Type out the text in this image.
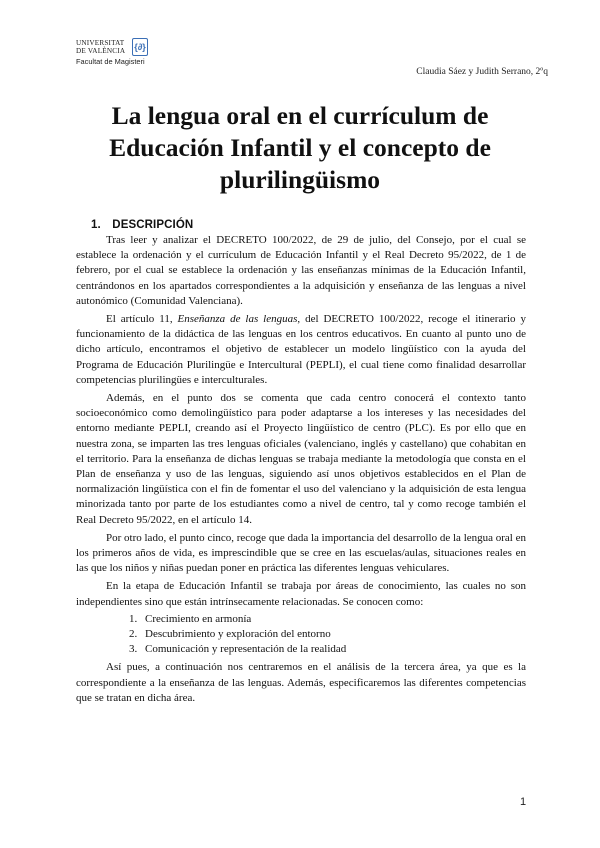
UNIVERSITAT
DE VALÈNCIA {∂}
Facultat de Magisteri
Claudia Sáez y Judith Serrano, 2ºq
La lengua oral en el currículum de
Educación Infantil y el concepto de
plurilingüismo
1. DESCRIPCIÓN

Tras leer y analizar el DECRETO 100/2022, de 29 de julio, del Consejo, por el cual se establece la ordenación y el currículum de Educación Infantil y el Real Decreto 95/2022, de 1 de febrero, por el cual se establece la ordenación y las enseñanzas mínimas de la Educación Infantil, centrándonos en los apartados correspondientes a la adquisición y enseñanza de las lenguas a nivel autonómico (Comunidad Valenciana).

El artículo 11, Enseñanza de las lenguas, del DECRETO 100/2022, recoge el itinerario y funcionamiento de la didáctica de las lenguas en los centros educativos. En cuanto al punto uno de dicho artículo, encontramos el objetivo de establecer un modelo lingüístico con la ayuda del Programa de Educación Plurilingüe e Intercultural (PEPLI), el cual tiene como finalidad desarrollar competencias plurilingües e interculturales.

Además, en el punto dos se comenta que cada centro conocerá el contexto tanto socioeconómico como demolingüístico para poder adaptarse a los intereses y las necesidades del entorno mediante PEPLI, creando así el Proyecto lingüístico de centro (PLC). Es por ello que en nuestra zona, se imparten las tres lenguas oficiales (valenciano, inglés y castellano) que cohabitan en el territorio. Para la enseñanza de dichas lenguas se trabaja mediante la metodología que consta en el Plan de enseñanza y uso de las lenguas, siguiendo así unos objetivos establecidos en el Plan de normalización lingüística con el fin de fomentar el uso del valenciano y la adquisición de esta lengua minorizada tanto por parte de los estudiantes como a nivel de centro, tal y como recoge también el Real Decreto 95/2022, en el artículo 14.

Por otro lado, el punto cinco, recoge que dada la importancia del desarrollo de la lengua oral en los primeros años de vida, es imprescindible que se cree en las escuelas/aulas, situaciones reales en las que los niños y niñas puedan poner en práctica las diferentes lenguas vehiculares.

En la etapa de Educación Infantil se trabaja por áreas de conocimiento, las cuales no son independientes sino que están intrínsecamente relacionadas. Se conocen como:

1. Crecimiento en armonía
2. Descubrimiento y exploración del entorno
3. Comunicación y representación de la realidad

Así pues, a continuación nos centraremos en el análisis de la tercera área, ya que es la correspondiente a la enseñanza de las lenguas. Además, especificaremos las diferentes competencias que se tratan en dicha área.

1
